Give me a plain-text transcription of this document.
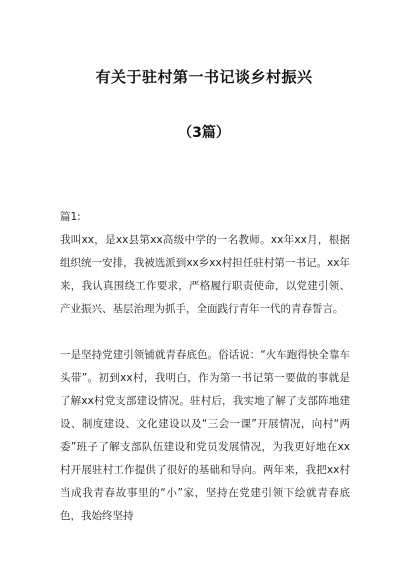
有关于驻村第一书记谈乡村振兴
（3篇）
篇1:

我叫xx，是xx县第xx高级中学的一名教师。xx年xx月，根据组织统一安排，我被选派到xx乡xx村担任驻村第一书记。xx年来，我认真围绕工作要求，严格履行职责使命，以党建引领、产业振兴、基层治理为抓手，全面践行青年一代的青春誓言。

一是坚持党建引领铺就青春底色。俗话说：“火车跑得快全靠车头带”。初到xx村，我明白，作为第一书记第一要做的事就是了解xx村党支部建设情况。驻村后，我实地了解了支部阵地建设、制度建设、文化建设以及“三会一课”开展情况，向村“两委”班子了解支部队伍建设和党员发展情况，为我更好地在xx村开展驻村工作提供了很好的基础和导向。两年来，我把xx村当成我青春故事里的“小”家，坚持在党建引领下绘就青春底色，我始终坚持
